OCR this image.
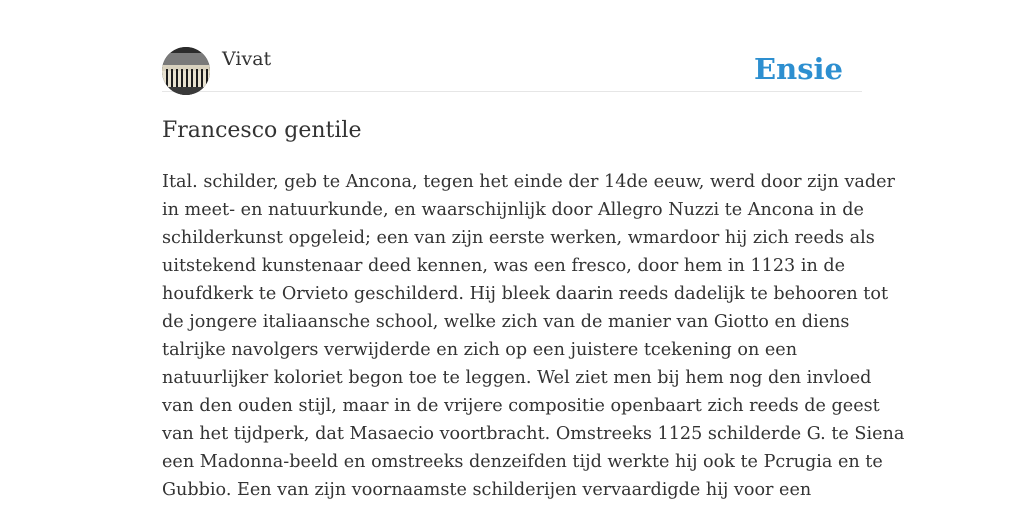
Vivat	Ensie
Francesco gentile
Ital. schilder, geb te Ancona, tegen het einde der 14de eeuw, werd door zijn vader
in meet- en natuurkunde, en waarschijnlijk door Allegro Nuzzi te Ancona in de
schilderkunst opgeleid; een van zijn eerste werken, wmardoor hij zich reeds als
uitstekend kunstenaar deed kennen, was een fresco, door hem in 1123 in de
houfdkerk te Orvieto geschilderd. Hij bleek daarin reeds dadelijk te behooren tot
de jongere italiaansche school, welke zich van de manier van Giotto en diens
talrijke navolgers verwijderde en zich op een juistere tcekening on een
natuurlijker koloriet begon toe te leggen. Wel ziet men bij hem nog den invloed
van den ouden stijl, maar in de vrijere compositie openbaart zich reeds de geest
van het tijdperk, dat Masaecio voortbracht. Omstreeks 1125 schilderde G. te Siena
een Madonna-beeld en omstreeks denzeifden tijd werkte hij ook te Pcrugia en te
Gubbio. Een van zijn voornaamste schilderijen vervaardigde hij voor een
